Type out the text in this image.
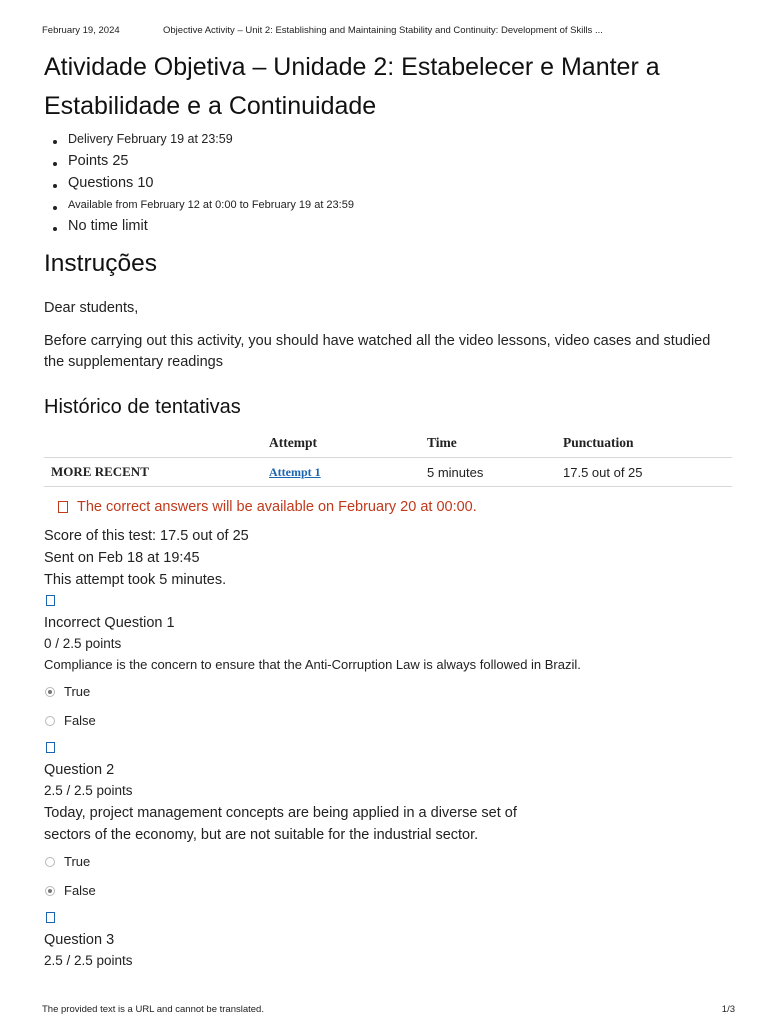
February 19, 2024	Objective Activity – Unit 2: Establishing and Maintaining Stability and Continuity: Development of Skills ...
Atividade Objetiva – Unidade 2: Estabelecer e Manter a Estabilidade e a Continuidade
Delivery February 19 at 23:59
Points 25
Questions 10
Available from February 12 at 0:00 to February 19 at 23:59
No time limit
Instruções

Dear students,

Before carrying out this activity, you should have watched all the video lessons, video cases and studied the supplementary readings

Histórico de tentativas
	Attempt	Time	Punctuation
MORE RECENT	Attempt 1	5 minutes	17.5 out of 25
The correct answers will be available on February 20 at 00:00.
Score of this test: 17.5 out of 25
Sent on Feb 18 at 19:45
This attempt took 5 minutes.
Incorrect Question 1
0 / 2.5 points
Compliance is the concern to ensure that the Anti-Corruption Law is always followed in Brazil.
True
False
Question 2
2.5 / 2.5 points
Today, project management concepts are being applied in a diverse set of
sectors of the economy, but are not suitable for the industrial sector.
True
False
Question 3
2.5 / 2.5 points
The provided text is a URL and cannot be translated.	1/3
